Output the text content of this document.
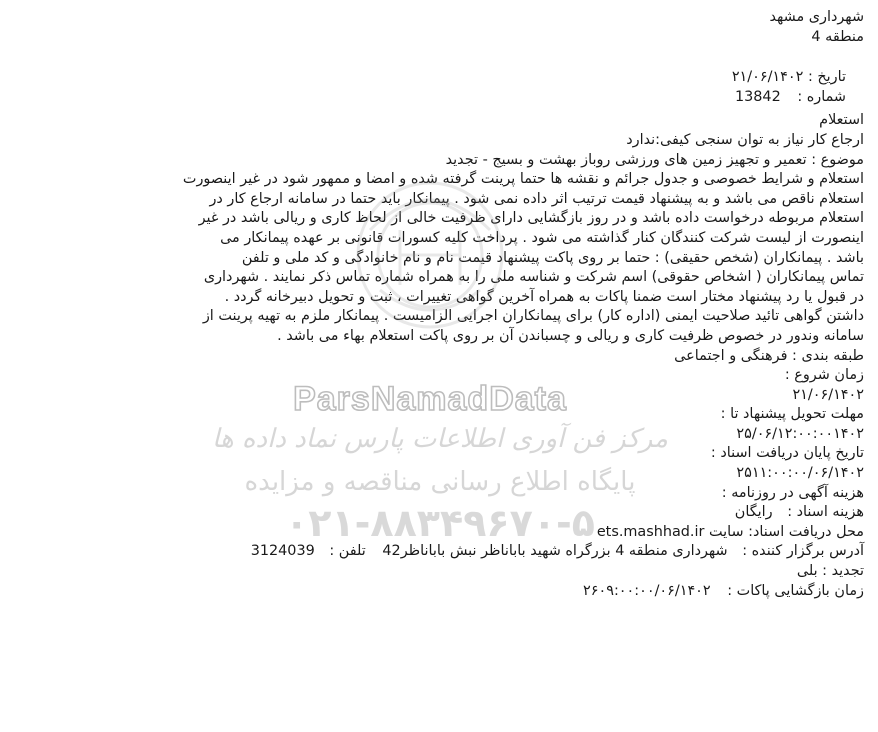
شهرداری مشهد
منطقه 4
تاریخ : ۲۱/۰۶/۱۴۰۲
شماره : 13842
استعلام
ارجاع کار نیاز به توان سنجی کیفی:ندارد
موضوع : تعمیر و تجهیز زمین های ورزشی روباز بهشت و بسیج - تجدید
استعلام و شرایط خصوصی و جدول جرائم و نقشه ها حتما پرینت گرفته شده و امضا و ممهور شود در غیر اینصورت
استعلام ناقص می باشد و به پیشنهاد قیمت ترتیب اثر داده نمی شود . پیمانکار باید حتما در سامانه ارجاع کار در
استعلام مربوطه درخواست داده باشد و در روز بازگشایی دارای ظرفیت خالی از لحاظ کاری و ریالی باشد در غیر
اینصورت از لیست شرکت کنندگان کنار گذاشته می شود . پرداخت کلیه کسورات قانونی بر عهده پیمانکار می
باشد . پیمانکاران (شخص حقیقی) : حتما بر روی پاکت پیشنهاد قیمت نام و نام خانوادگی و کد ملی و تلفن
تماس پیمانکاران ( اشخاص حقوقی) اسم شرکت و شناسه ملی را به همراه شماره تماس ذکر نمایند . شهرداری
در قبول یا رد پیشنهاد مختار است ضمنا پاکات به همراه آخرین گواهی تغییرات ، ثبت و تحویل دبیرخانه گردد .
داشتن گواهی تائید صلاحیت ایمنی (اداره کار) برای پیمانکاران اجرایی الزامیست . پیمانکار ملزم به تهیه پرینت از
سامانه وندور در خصوص ظرفیت کاری و ریالی و چسباندن آن بر روی پاکت استعلام بهاء می باشد .
طبقه بندی : فرهنگی و اجتماعی
زمان شروع :
۲۱/۰۶/۱۴۰۲
مهلت تحویل پیشنهاد تا :
۲۵/۰۶/۱۲:۰۰:۰۰۱۴۰۲
تاریخ پایان دریافت اسناد :
۲۵۱۱:۰۰:۰۰/۰۶/۱۴۰۲
هزینه آگهی در روزنامه :
هزینه اسناد : رایگان
محل دریافت اسناد: سایت ets.mashhad.ir
آدرس برگزار کننده : شهرداری منطقه 4 بزرگراه شهید باباناظر نبش باباناظر42 تلفن : 3124039
تجدید : بلی
زمان بازگشایی پاکات : ۲۶۰۹:۰۰:۰۰/۰۶/۱۴۰۲
ParsNamadData
مرکز فن آوری اطلاعات پارس نماد داده ها
پایگاه اطلاع رسانی مناقصه و مزایده
۰۲۱-۸۸۳۴۹۶۷۰-۵
